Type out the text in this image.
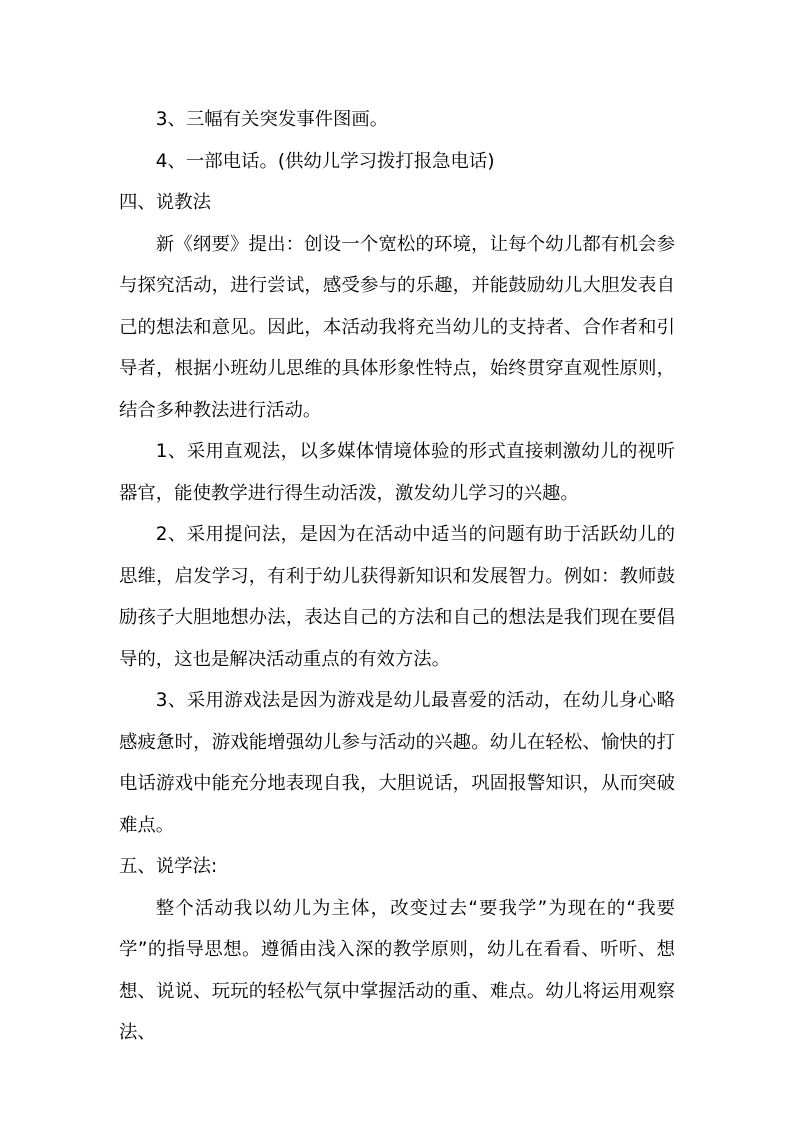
3、三幅有关突发事件图画。

4、一部电话。(供幼儿学习拨打报急电话)

四、说教法

新《纲要》提出：创设一个宽松的环境，让每个幼儿都有机会参与探究活动，进行尝试，感受参与的乐趣，并能鼓励幼儿大胆发表自己的想法和意见。因此，本活动我将充当幼儿的支持者、合作者和引导者，根据小班幼儿思维的具体形象性特点，始终贯穿直观性原则，结合多种教法进行活动。

1、采用直观法，以多媒体情境体验的形式直接刺激幼儿的视听器官，能使教学进行得生动活泼，激发幼儿学习的兴趣。

2、采用提问法，是因为在活动中适当的问题有助于活跃幼儿的思维，启发学习，有利于幼儿获得新知识和发展智力。例如：教师鼓励孩子大胆地想办法，表达自己的方法和自己的想法是我们现在要倡导的，这也是解决活动重点的有效方法。

3、采用游戏法是因为游戏是幼儿最喜爱的活动，在幼儿身心略感疲惫时，游戏能增强幼儿参与活动的兴趣。幼儿在轻松、愉快的打电话游戏中能充分地表现自我，大胆说话，巩固报警知识，从而突破难点。

五、说学法:

整个活动我以幼儿为主体，改变过去“要我学”为现在的“我要学”的指导思想。遵循由浅入深的教学原则，幼儿在看看、听听、想想、说说、玩玩的轻松气氛中掌握活动的重、难点。幼儿将运用观察法、
